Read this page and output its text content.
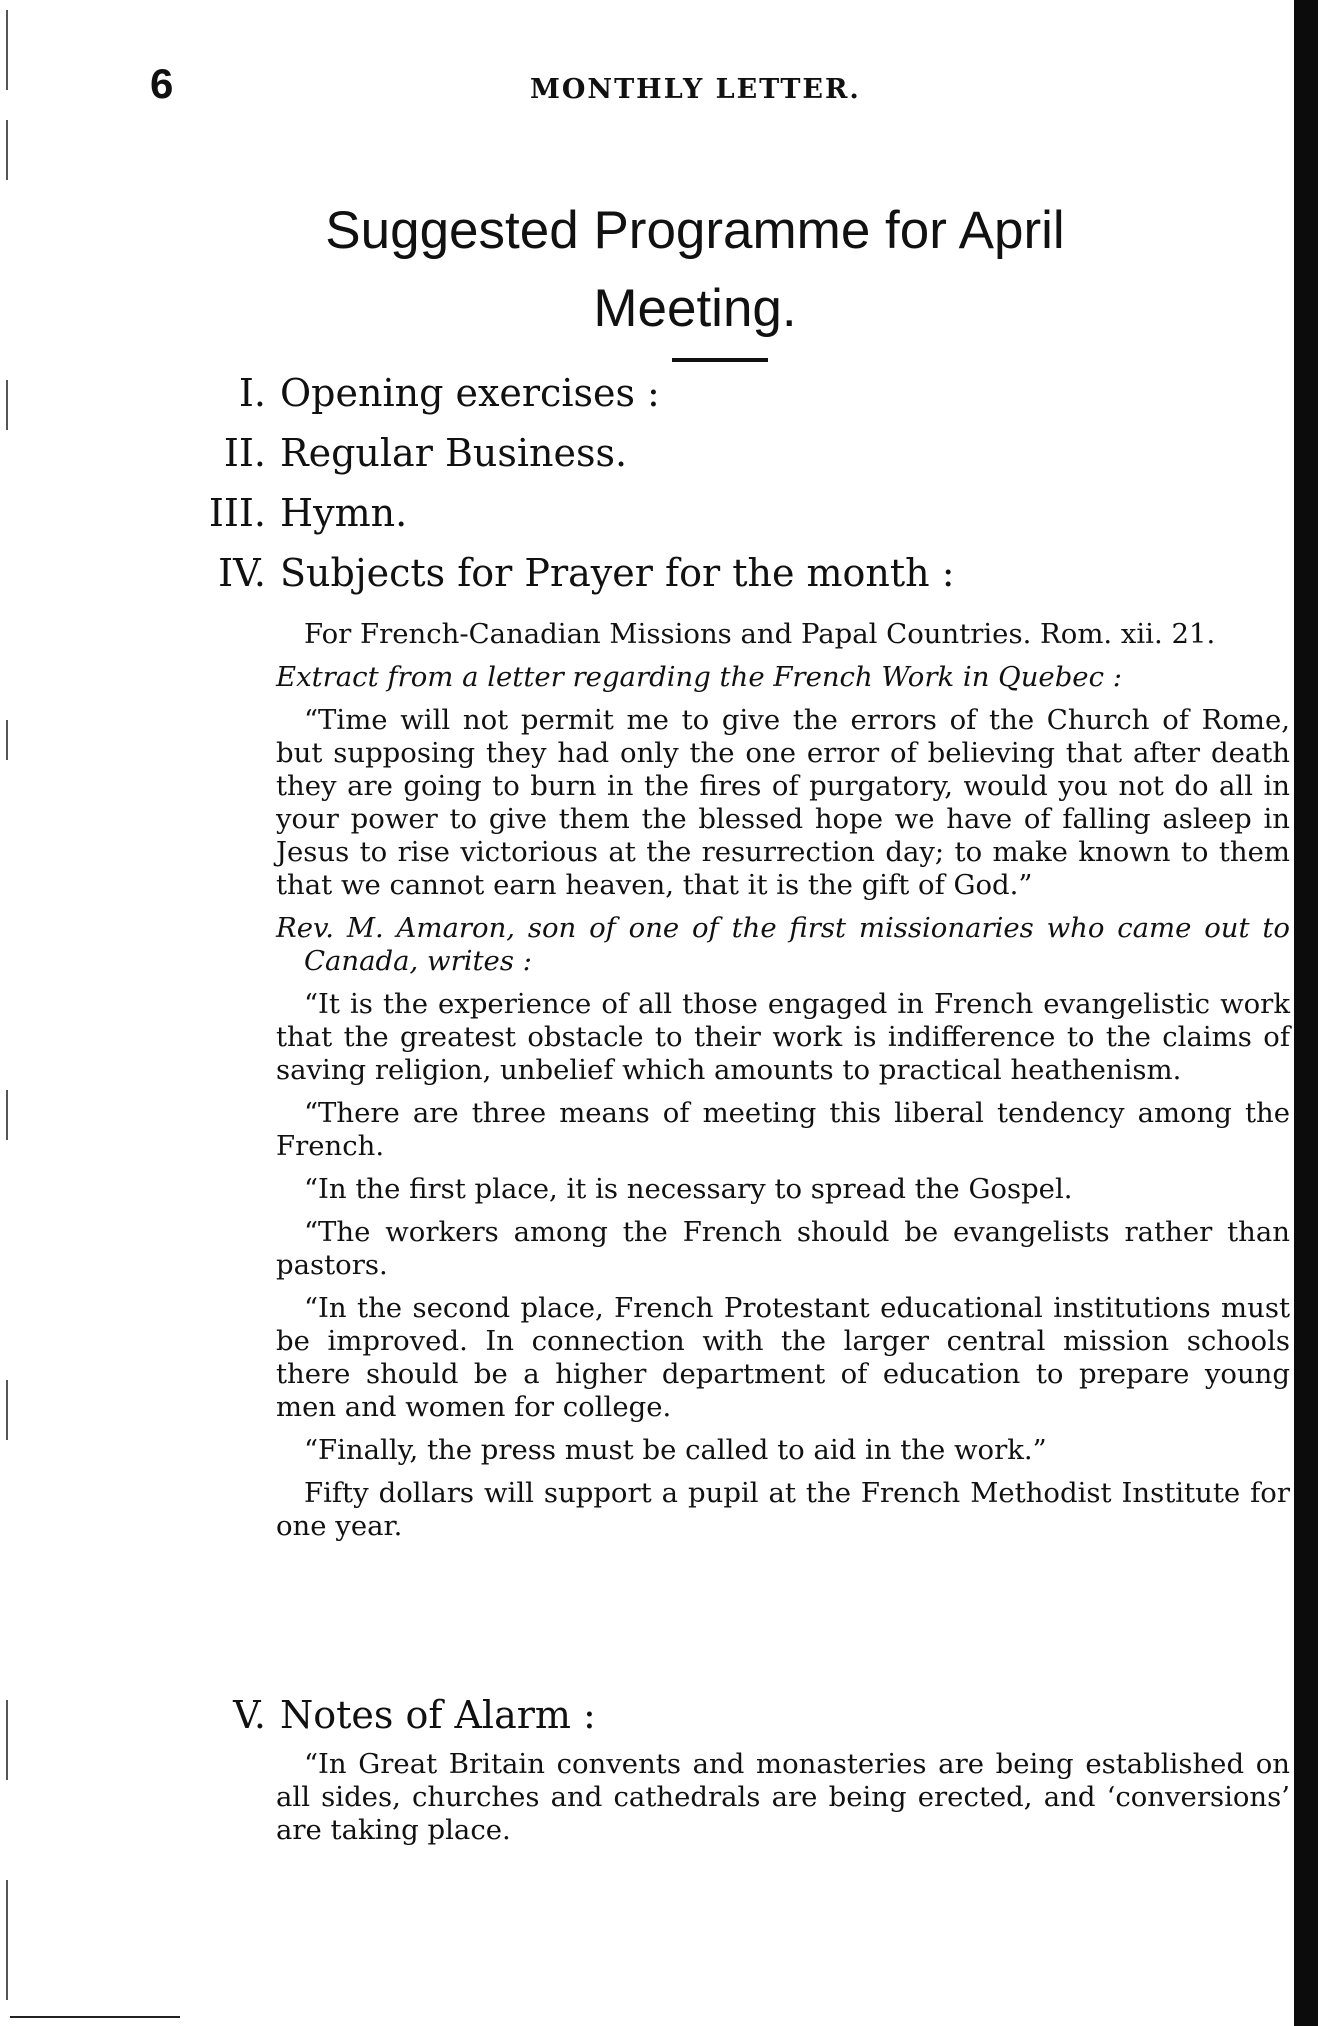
6	MONTHLY LETTER.
Suggested Programme for April
Meeting.
I. Opening exercises :
II. Regular Business.
III. Hymn.
IV. Subjects for Prayer for the month :

For French-Canadian Missions and Papal Countries. Rom. xii. 21.

Extract from a letter regarding the French Work in Quebec :

“Time will not permit me to give the errors of the Church of Rome, but supposing they had only the one error of believing that after death they are going to burn in the fires of purgatory, would you not do all in your power to give them the blessed hope we have of falling asleep in Jesus to rise victorious at the resurrection day; to make known to them that we cannot earn heaven, that it is the gift of God.”

Rev. M. Amaron, son of one of the first missionaries who came out to Canada, writes :

“It is the experience of all those engaged in French evangelistic work that the greatest obstacle to their work is indifference to the claims of saving religion, unbelief which amounts to practical heathenism.

“There are three means of meeting this liberal tendency among the French.

“In the first place, it is necessary to spread the Gospel.

“The workers among the French should be evangelists rather than pastors.

“In the second place, French Protestant educational institutions must be improved. In connection with the larger central mission schools there should be a higher department of education to prepare young men and women for college.

“Finally, the press must be called to aid in the work.”

Fifty dollars will support a pupil at the French Methodist Institute for one year.

V. Notes of Alarm :

“In Great Britain convents and monasteries are being established on all sides, churches and cathedrals are being erected, and ‘conversions’ are taking place.
